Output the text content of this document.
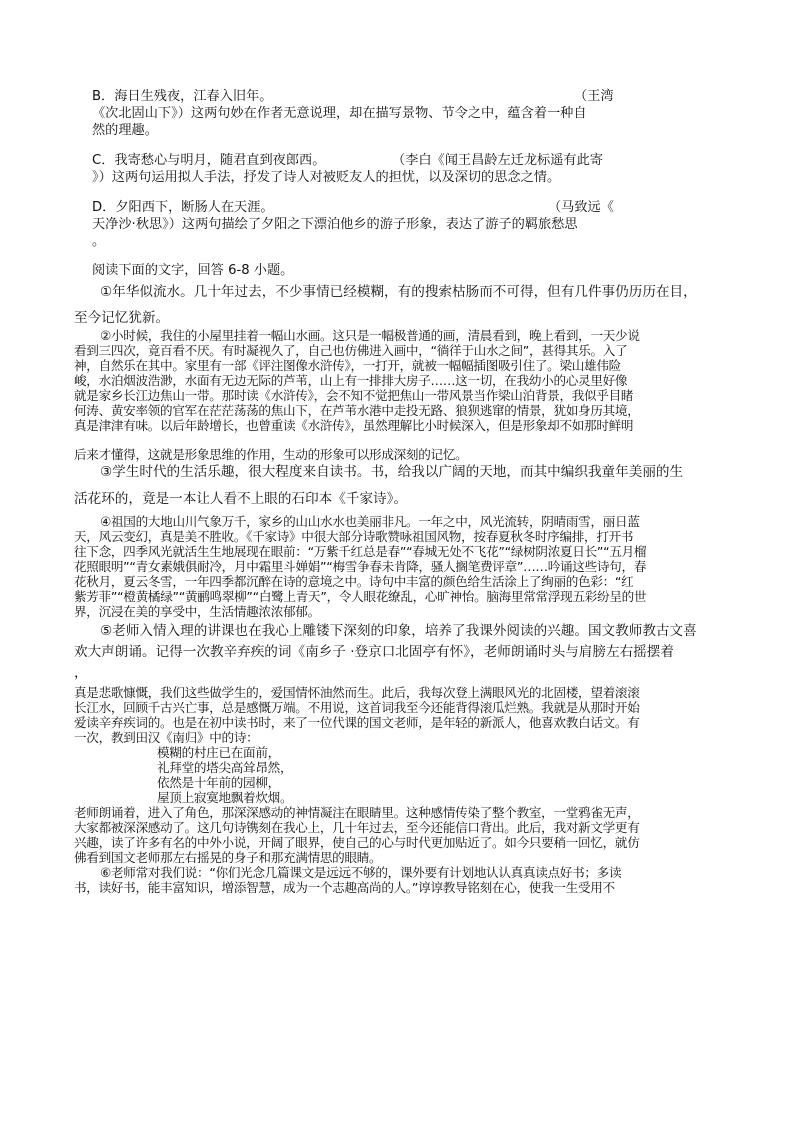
B．海日生残夜，江春入旧年。	（王湾
《次北固山下》）这两句妙在作者无意说理，却在描写景物、节令之中，蕴含着一种自
然的理趣。
C．我寄愁心与明月，随君直到夜郎西。	（李白《闻王昌龄左迁龙标遥有此寄
》）这两句运用拟人手法，抒发了诗人对被贬友人的担忧，以及深切的思念之情。
D．夕阳西下，断肠人在天涯。	（马致远《
天净沙·秋思》）这两句描绘了夕阳之下漂泊他乡的游子形象，表达了游子的羁旅愁思
。
阅读下面的文字，回答 6-8 小题。
①年华似流水。几十年过去，不少事情已经模糊，有的搜索枯肠而不可得，但有几件事仍历历在目，
至今记忆犹新。
②小时候，我住的小屋里挂着一幅山水画。这只是一幅极普通的画，清晨看到，晚上看到，一天少说
看到三四次，竟百看不厌。有时凝视久了，自己也仿佛进入画中，“徜徉于山水之间”，甚得其乐。入了
神，自然乐在其中。家里有一部《评注图像水浒传》，一打开，就被一幅幅插图吸引住了。梁山雄伟险
峻，水泊烟波浩渺，水面有无边无际的芦苇，山上有一排排大房子……这一切，在我幼小的心灵里好像
就是家乡长江边焦山一带。那时读《水浒传》，会不知不觉把焦山一带风景当作梁山泊背景，我似乎目睹
何涛、黄安率领的官军在茫茫荡荡的焦山下，在芦苇水港中走投无路、狼狈逃窜的情景，犹如身历其境，
真是津津有味。以后年龄增长，也曾重读《水浒传》，虽然理解比小时候深入，但是形象却不如那时鲜明
后来才懂得，这就是形象思维的作用，生动的形象可以形成深刻的记忆。
③学生时代的生活乐趣，很大程度来自读书。书，给我以广阔的天地，而其中编织我童年美丽的生
活花环的，竟是一本让人看不上眼的石印本《千家诗》。
④祖国的大地山川气象万千，家乡的山山水水也美丽非凡。一年之中，风光流转，阴晴雨雪，丽日蓝
天，风云变幻，真是美不胜收。《千家诗》中很大部分诗歌赞咏祖国风物，按春夏秋冬时序编排，打开书
往下念，四季风光就活生生地展现在眼前：“万紫千红总是春”“春城无处不飞花”“绿树阴浓夏日长”“五月榴
花照眼明”“青女素娥俱耐冷，月中霜里斗婵娟”“梅雪争春未肯降，骚人搁笔费评章”……吟诵这些诗句，春
花秋月，夏云冬雪，一年四季都沉醉在诗的意境之中。诗句中丰富的颜色给生活涂上了绚丽的色彩：“红
紫芳菲”“橙黄橘绿”“黄鹂鸣翠柳”“白鹭上青天”，令人眼花缭乱，心旷神怡。脑海里常常浮现五彩纷呈的世
界，沉浸在美的享受中，生活情趣浓浓郁郁。
⑤老师入情入理的讲课也在我心上雕镂下深刻的印象，培养了我课外阅读的兴趣。国文教师教古文喜
欢大声朗诵。记得一次教辛弃疾的词《南乡子 ·登京口北固亭有怀》，老师朗诵时头与肩膀左右摇摆着
，
真是悲歌慷慨，我们这些做学生的，爱国情怀油然而生。此后，我每次登上满眼风光的北固楼，望着滚滚
长江水，回顾千古兴亡事，总是感慨万端。不用说，这首词我至今还能背得滚瓜烂熟。我就是从那时开始
爱读辛弃疾词的。也是在初中读书时，来了一位代课的国文老师，是年轻的新派人，他喜欢教白话文。有
一次，教到田汉《南归》中的诗：
模糊的村庄已在面前，
礼拜堂的塔尖高耸昂然，
依然是十年前的园柳，
屋顶上寂寞地飘着炊烟。
老师朗诵着，进入了角色，那深深感动的神情凝注在眼睛里。这种感情传染了整个教室，一堂鸦雀无声，
大家都被深深感动了。这几句诗镌刻在我心上，几十年过去，至今还能信口背出。此后，我对新文学更有
兴趣，读了许多有名的中外小说，开阔了眼界，使自己的心与时代更加贴近了。如今只要稍一回忆，就仿
佛看到国文老师那左右摇晃的身子和那充满情思的眼睛。
⑥老师常对我们说：“你们光念几篇课文是远远不够的，课外要有计划地认认真真读点好书；多读
书，读好书，能丰富知识，增添智慧，成为一个志趣高尚的人。”谆谆教导铭刻在心，使我一生受用不
